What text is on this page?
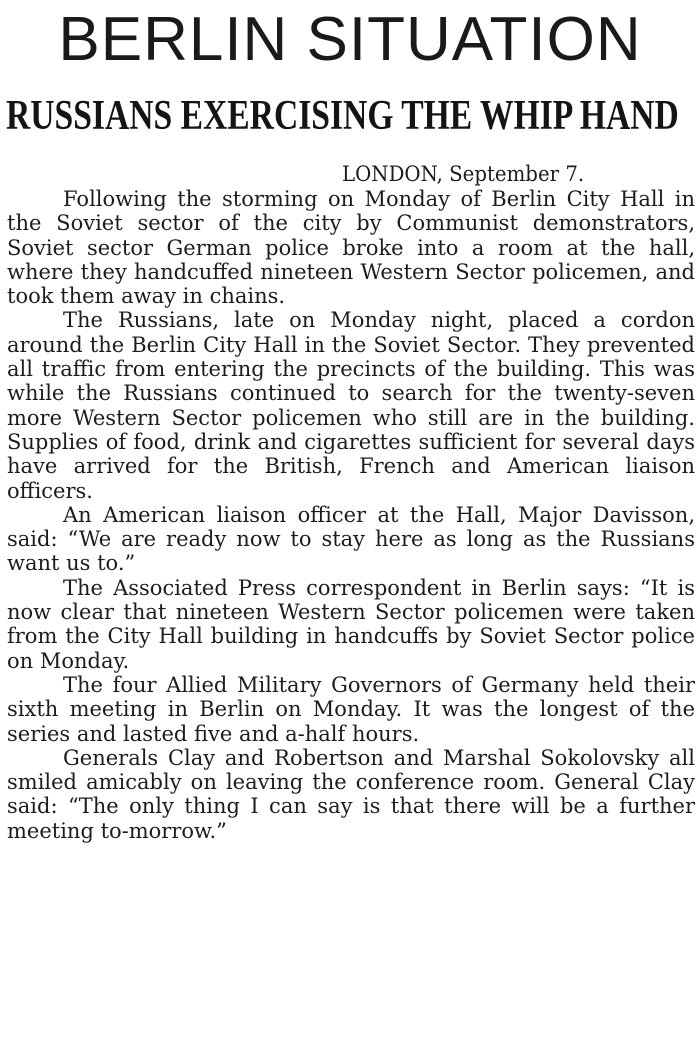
BERLIN SITUATION
RUSSIANS EXERCISING THE WHIP HAND
LONDON, September 7.

Following the storming on Monday of Berlin City Hall in the Soviet sector of the city by Communist demonstrators, Soviet sector German police broke into a room at the hall, where they handcuffed nineteen Western Sector policemen, and took them away in chains.

The Russians, late on Monday night, placed a cordon around the Berlin City Hall in the Soviet Sector. They prevented all traffic from entering the precincts of the building. This was while the Russians continued to search for the twenty-seven more Western Sector policemen who still are in the building. Supplies of food, drink and cigarettes sufficient for several days have arrived for the British, French and American liaison officers.

An American liaison officer at the Hall, Major Davisson, said: “We are ready now to stay here as long as the Russians want us to.”

The Associated Press correspondent in Berlin says: “It is now clear that nineteen Western Sector policemen were taken from the City Hall building in handcuffs by Soviet Sector police on Monday.

The four Allied Military Governors of Germany held their sixth meeting in Berlin on Monday. It was the longest of the series and lasted five and a-half hours.

Generals Clay and Robertson and Marshal Sokolovsky all smiled amicably on leaving the conference room. General Clay said: “The only thing I can say is that there will be a further meeting to-morrow.”
